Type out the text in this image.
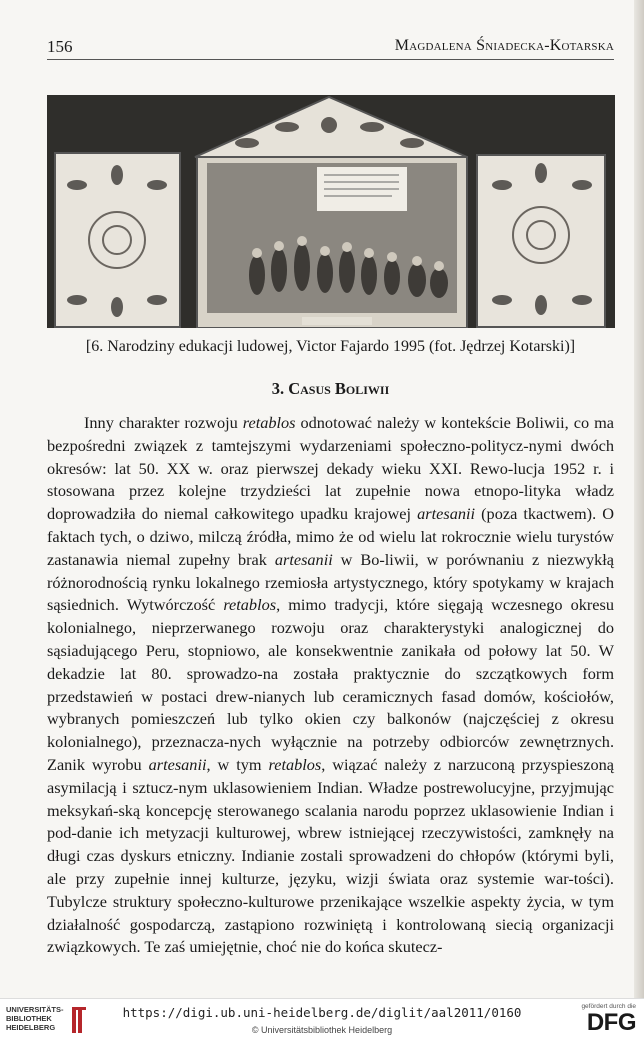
156	Magdalena Śniadecka-Kotarska
[6. Narodziny edukacji ludowej, Victor Fajardo 1995 (fot. Jędrzej Kotarski)]
3. Casus Boliwii

Inny charakter rozwoju retablos odnotować należy w kontekście Boliwii, co ma bezpośredni związek z tamtejszymi wydarzeniami społeczno-politycz-nymi dwóch okresów: lat 50. XX w. oraz pierwszej dekady wieku XXI. Rewo-lucja 1952 r. i stosowana przez kolejne trzydzieści lat zupełnie nowa etnopo-lityka władz doprowadziła do niemal całkowitego upadku krajowej artesanii (poza tkactwem). O faktach tych, o dziwo, milczą źródła, mimo że od wielu lat rokrocznie wielu turystów zastanawia niemal zupełny brak artesanii w Bo-liwii, w porównaniu z niezwykłą różnorodnością rynku lokalnego rzemiosła artystycznego, który spotykamy w krajach sąsiednich. Wytwórczość retablos, mimo tradycji, które sięgają wczesnego okresu kolonialnego, nieprzerwanego rozwoju oraz charakterystyki analogicznej do sąsiadującego Peru, stopniowo, ale konsekwentnie zanikała od połowy lat 50. W dekadzie lat 80. sprowadzo-na została praktycznie do szczątkowych form przedstawień w postaci drew-nianych lub ceramicznych fasad domów, kościołów, wybranych pomieszczeń lub tylko okien czy balkonów (najczęściej z okresu kolonialnego), przeznacza-nych wyłącznie na potrzeby odbiorców zewnętrznych. Zanik wyrobu artesanii, w tym retablos, wiązać należy z narzuconą przyspieszoną asymilacją i sztucz-nym uklasowieniem Indian. Władze postrewolucyjne, przyjmując meksykań-ską koncepcję sterowanego scalania narodu poprzez uklasowienie Indian i pod-danie ich metyzacji kulturowej, wbrew istniejącej rzeczywistości, zamknęły na długi czas dyskurs etniczny. Indianie zostali sprowadzeni do chłopów (którymi byli, ale przy zupełnie innej kulturze, języku, wizji świata oraz systemie war-tości). Tubylcze struktury społeczno-kulturowe przenikające wszelkie aspekty życia, w tym działalność gospodarczą, zastąpiono rozwiniętą i kontrolowaną siecią organizacji związkowych. Te zaś umiejętnie, choć nie do końca skutecz-

UNIVERSITÄTS-BIBLIOTHEK HEIDELBERG
https://digi.ub.uni-heidelberg.de/diglit/aal2011/0160
© Universitätsbibliothek Heidelberg
gefördert durch die
DFG
